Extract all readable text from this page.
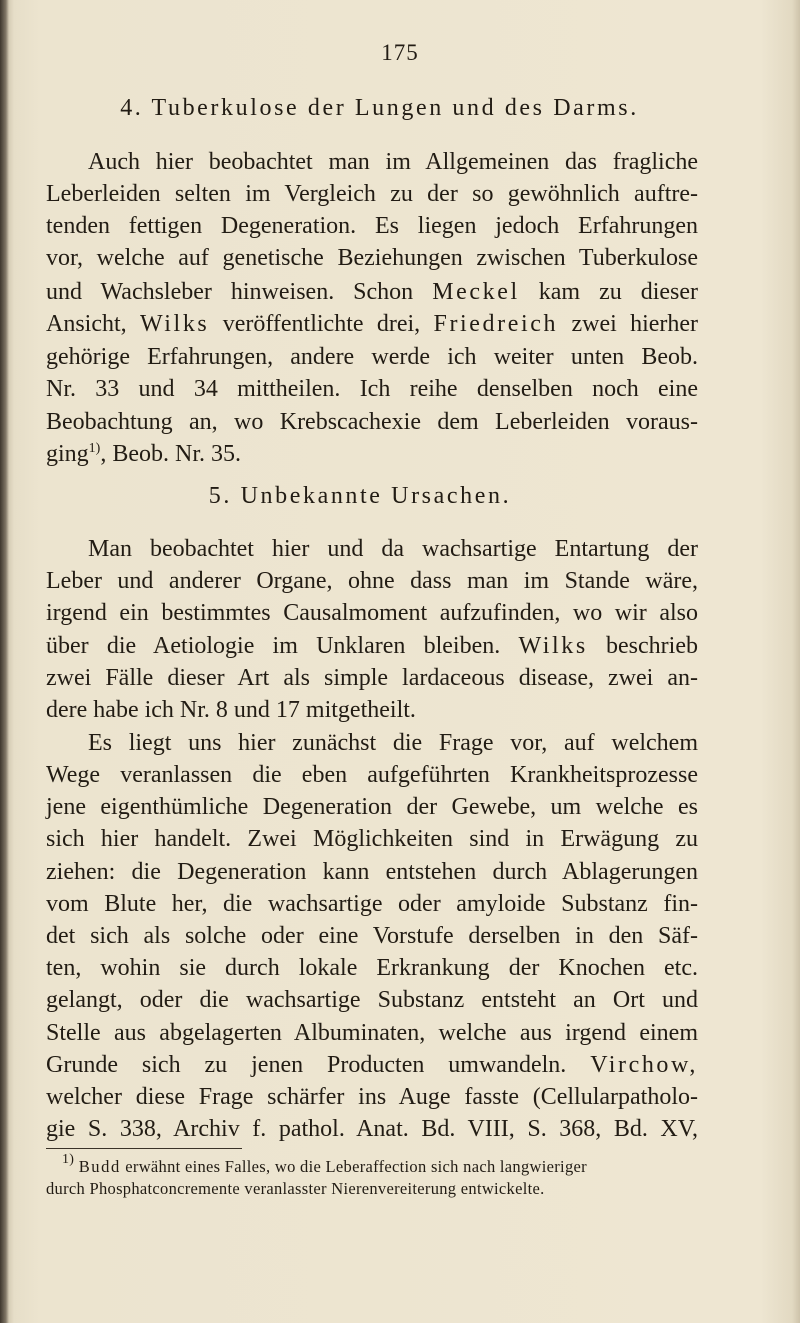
175
4. Tuberkulose der Lungen und des Darms.
Auch hier beobachtet man im Allgemeinen das fragliche
Leberleiden selten im Vergleich zu der so gewöhnlich auftre-
tenden fettigen Degeneration. Es liegen jedoch Erfahrungen
vor, welche auf genetische Beziehungen zwischen Tuberkulose
und Wachsleber hinweisen. Schon Meckel kam zu dieser
Ansicht, Wilks veröffentlichte drei, Friedreich zwei hierher
gehörige Erfahrungen, andere werde ich weiter unten Beob.
Nr. 33 und 34 mittheilen. Ich reihe denselben noch eine
Beobachtung an, wo Krebscachexie dem Leberleiden voraus-
ging$^{1)}$, Beob. Nr. 35.
5. Unbekannte Ursachen.
Man beobachtet hier und da wachsartige Entartung der
Leber und anderer Organe, ohne dass man im Stande wäre,
irgend ein bestimmtes Causalmoment aufzufinden, wo wir also
über die Aetiologie im Unklaren bleiben. Wilks beschrieb
zwei Fälle dieser Art als simple lardaceous disease, zwei an-
dere habe ich Nr. 8 und 17 mitgetheilt.
Es liegt uns hier zunächst die Frage vor, auf welchem
Wege veranlassen die eben aufgeführten Krankheitsprozesse
jene eigenthümliche Degeneration der Gewebe, um welche es
sich hier handelt. Zwei Möglichkeiten sind in Erwägung zu
ziehen: die Degeneration kann entstehen durch Ablagerungen
vom Blute her, die wachsartige oder amyloide Substanz fin-
det sich als solche oder eine Vorstufe derselben in den Säf-
ten, wohin sie durch lokale Erkrankung der Knochen etc.
gelangt, oder die wachsartige Substanz entsteht an Ort und
Stelle aus abgelagerten Albuminaten, welche aus irgend einem
Grunde sich zu jenen Producten umwandeln. Virchow,
welcher diese Frage schärfer ins Auge fasste (Cellularpatholo-
gie S. 338, Archiv f. pathol. Anat. Bd. VIII, S. 368, Bd. XV,
$^{1)}$ Budd erwähnt eines Falles, wo die Leberaffection sich nach langwieriger
durch Phosphatconcremente veranlasster Nierenvereiterung entwickelte.
